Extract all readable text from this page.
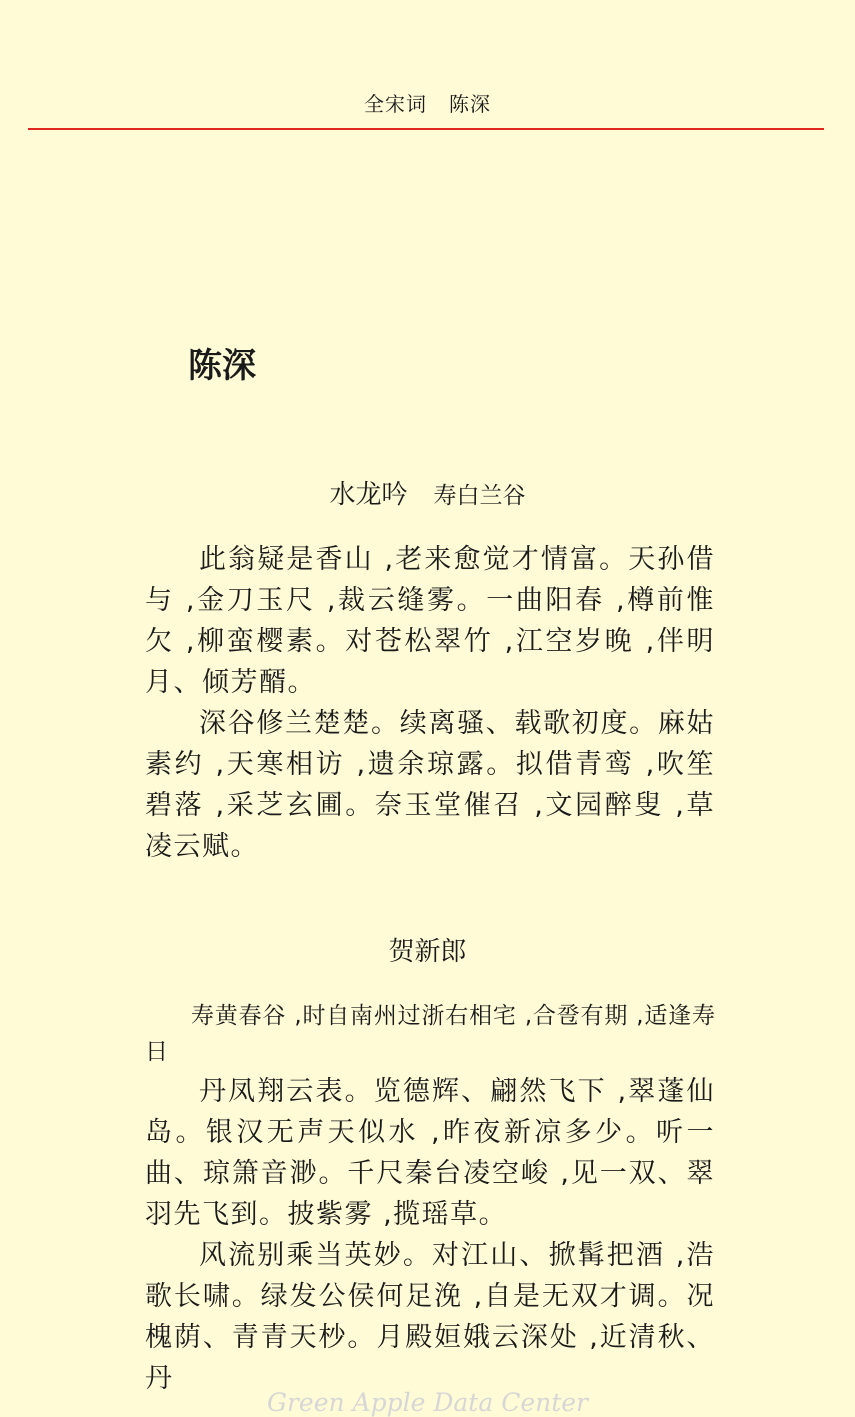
全宋词 陈深
陈深
水龙吟 寿白兰谷

此翁疑是香山 ,老来愈觉才情富。天孙借与 ,金刀玉尺 ,裁云缝雾。一曲阳春 ,樽前惟欠 ,柳蛮樱素。对苍松翠竹 ,江空岁晚 ,伴明月、倾芳醑。

深谷修兰楚楚。续离骚、载歌初度。麻姑素约 ,天寒相访 ,遗余琼露。拟借青鸾 ,吹笙碧落 ,采芝玄圃。奈玉堂催召 ,文园醉叟 ,草凌云赋。

贺新郎
寿黄春谷 ,时自南州过浙右相宅 ,合卺有期 ,适逢寿日

丹凤翔云表。览德辉、翩然飞下 ,翠蓬仙岛。银汉无声天似水 ,昨夜新凉多少。听一曲、琼箫音渺。千尺秦台凌空峻 ,见一双、翠羽先飞到。披紫雾 ,揽瑶草。

风流别乘当英妙。对江山、掀髯把酒 ,浩歌长啸。绿发公侯何足浼 ,自是无双才调。况槐荫、青青天杪。月殿姮娥云深处 ,近清秋、丹

Green Apple Data Center
